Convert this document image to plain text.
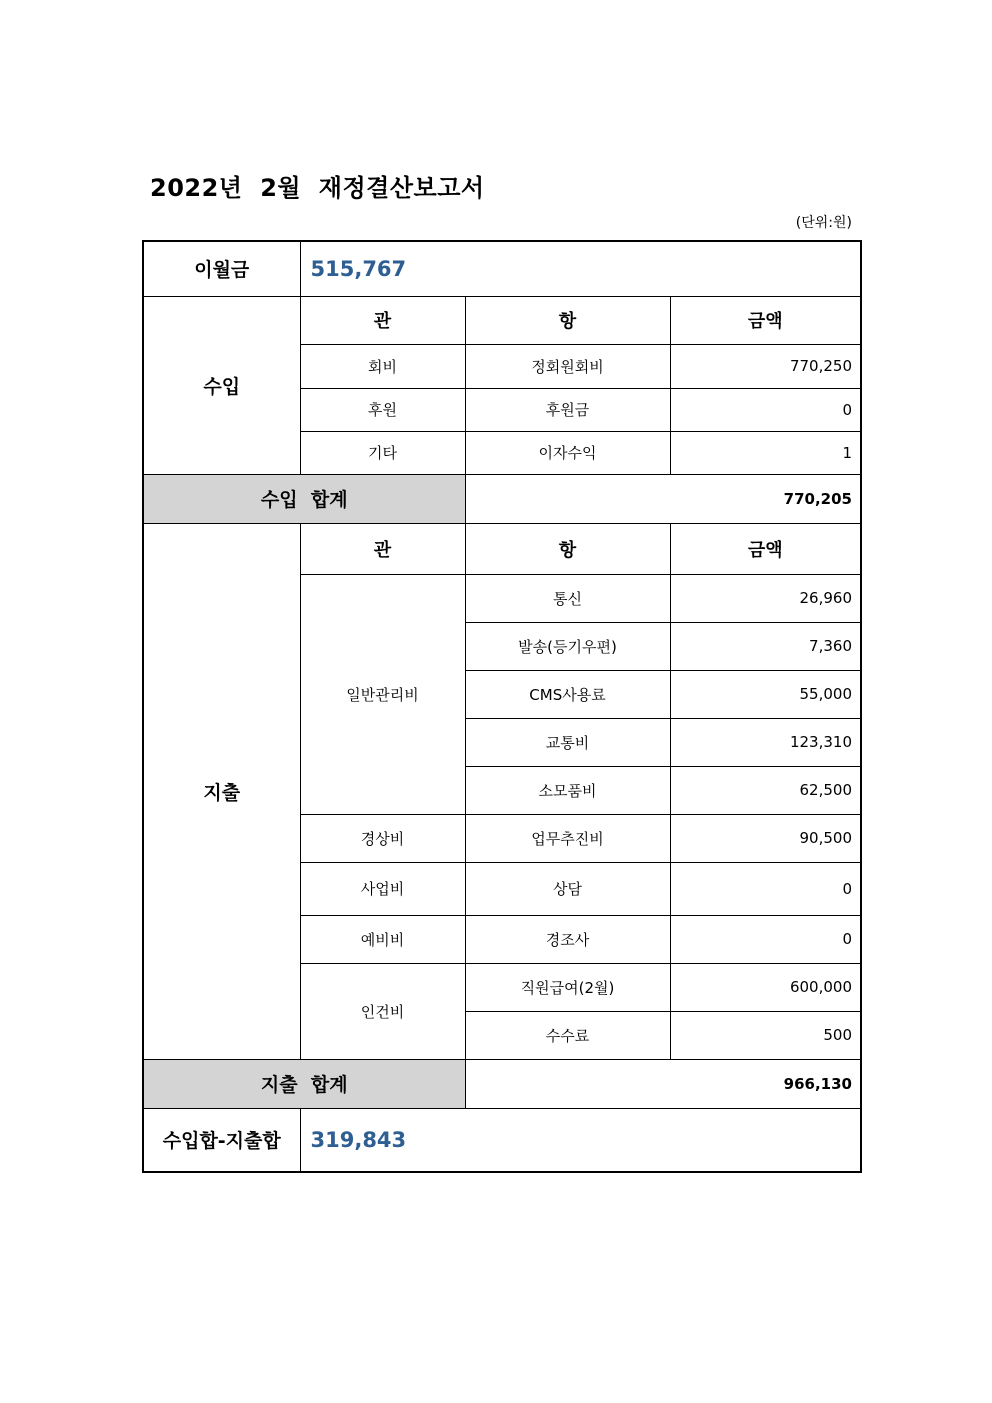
2022년  2월  재정결산보고서
(단위:원)
이월금	515,767		
수입	관	항	금액
	회비	정회원회비	770,250
	후원	후원금	0
	기타	이자수익	1
수입  합계		770,205	
지출	관	항	금액
	일반관리비	통신	26,960
		발송(등기우편)	7,360
		CMS사용료	55,000
		교통비	123,310
		소모품비	62,500
	경상비	업무추진비	90,500
	사업비	상담	0
	예비비	경조사	0
	인건비	직원급여(2월)	600,000
		수수료	500
지출  합계		966,130	
수입합-지출합	319,843		
